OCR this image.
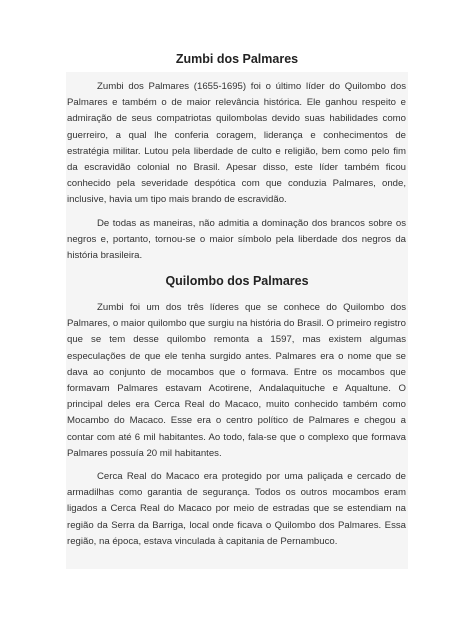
Zumbi dos Palmares

Zumbi dos Palmares (1655-1695) foi o último líder do Quilombo dos Palmares e também o de maior relevância histórica. Ele ganhou respeito e admiração de seus compatriotas quilombolas devido suas habilidades como guerreiro, a qual lhe conferia coragem, liderança e conhecimentos de estratégia militar. Lutou pela liberdade de culto e religião, bem como pelo fim da escravidão colonial no Brasil. Apesar disso, este líder também ficou conhecido pela severidade despótica com que conduzia Palmares, onde, inclusive, havia um tipo mais brando de escravidão.

De todas as maneiras, não admitia a dominação dos brancos sobre os negros e, portanto, tornou-se o maior símbolo pela liberdade dos negros da história brasileira.

Quilombo dos Palmares

Zumbi foi um dos três líderes que se conhece do Quilombo dos Palmares, o maior quilombo que surgiu na história do Brasil. O primeiro registro que se tem desse quilombo remonta a 1597, mas existem algumas especulações de que ele tenha surgido antes. Palmares era o nome que se dava ao conjunto de mocambos que o formava. Entre os mocambos que formavam Palmares estavam Acotirene, Andalaquituche e Aqualtune. O principal deles era Cerca Real do Macaco, muito conhecido também como Mocambo do Macaco. Esse era o centro político de Palmares e chegou a contar com até 6 mil habitantes. Ao todo, fala-se que o complexo que formava Palmares possuía 20 mil habitantes.

Cerca Real do Macaco era protegido por uma paliçada e cercado de armadilhas como garantia de segurança. Todos os outros mocambos eram ligados a Cerca Real do Macaco por meio de estradas que se estendiam na região da Serra da Barriga, local onde ficava o Quilombo dos Palmares. Essa região, na época, estava vinculada à capitania de Pernambuco.
